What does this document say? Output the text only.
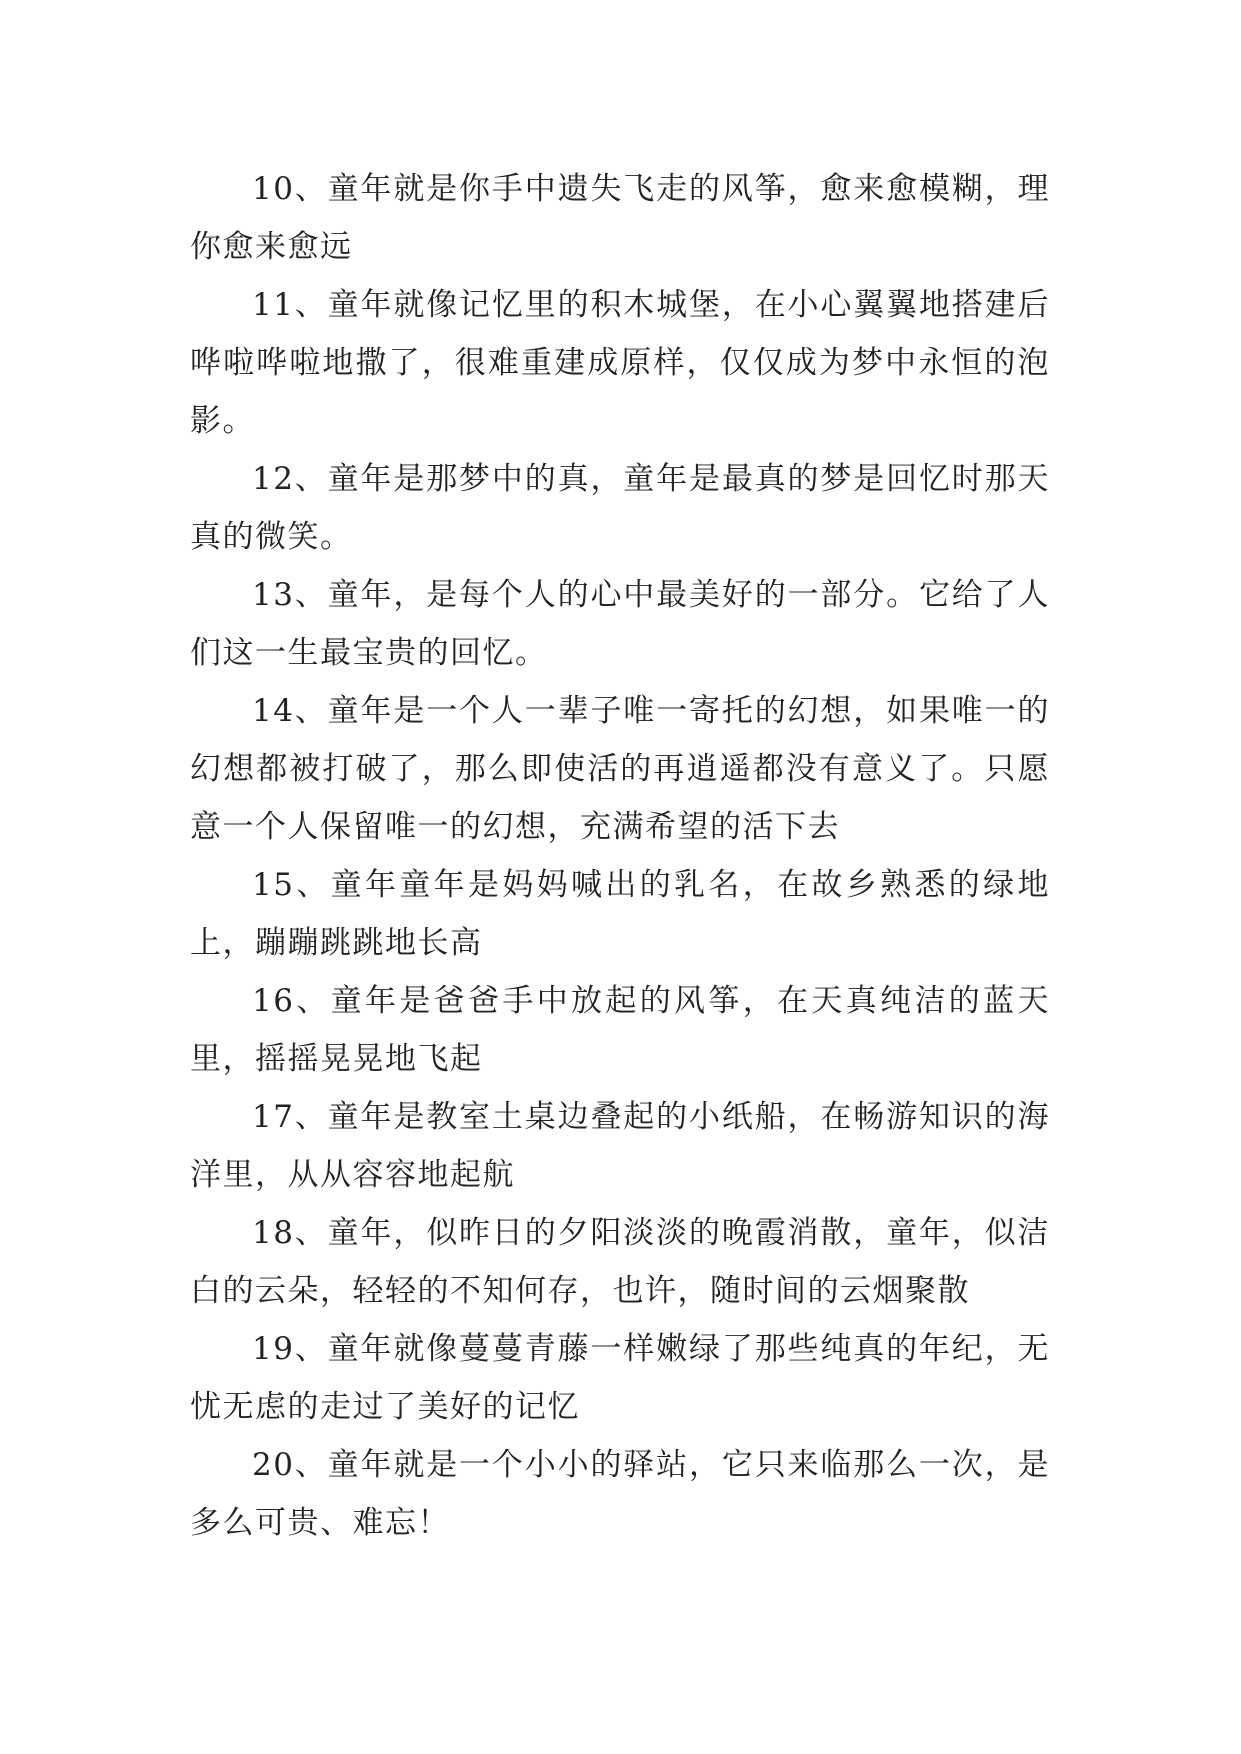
10、童年就是你手中遗失飞走的风筝，愈来愈模糊，理你愈来愈远

11、童年就像记忆里的积木城堡，在小心翼翼地搭建后哗啦哗啦地撒了，很难重建成原样，仅仅成为梦中永恒的泡影。

12、童年是那梦中的真，童年是最真的梦是回忆时那天真的微笑。

13、童年，是每个人的心中最美好的一部分。它给了人们这一生最宝贵的回忆。

14、童年是一个人一辈子唯一寄托的幻想，如果唯一的幻想都被打破了，那么即使活的再逍遥都没有意义了。只愿意一个人保留唯一的幻想，充满希望的活下去

15、童年童年是妈妈喊出的乳名，在故乡熟悉的绿地上，蹦蹦跳跳地长高

16、童年是爸爸手中放起的风筝，在天真纯洁的蓝天里，摇摇晃晃地飞起

17、童年是教室土桌边叠起的小纸船，在畅游知识的海洋里，从从容容地起航

18、童年，似昨日的夕阳淡淡的晚霞消散，童年，似洁白的云朵，轻轻的不知何存，也许，随时间的云烟聚散

19、童年就像蔓蔓青藤一样嫩绿了那些纯真的年纪，无忧无虑的走过了美好的记忆

20、童年就是一个小小的驿站，它只来临那么一次，是多么可贵、难忘！
